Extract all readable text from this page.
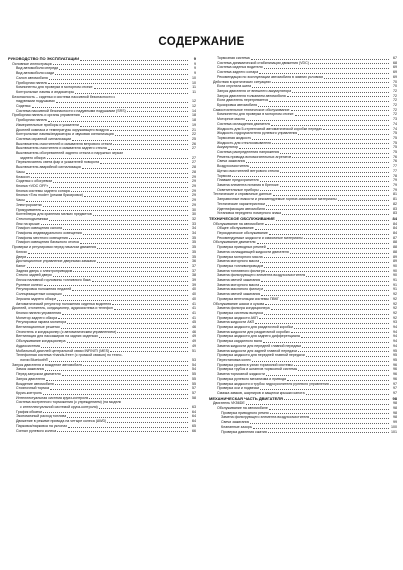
СОДЕРЖАНИЕ
РУКОВОДСТВО ПО ЭКСПЛУАТАЦИИ	9
Основные иллюстрации	9
Вид автомобиля спереди	9
Вид автомобиля сзади	9
Салон автомобиля	10
Приборная панель	10
Компоненты для проверки в моторном отсеке	11
Контрольные лампы и индикаторы	11
Безопасность – сиденья и система пассивной безопасности с
надувными подушками	12
Сиденья	12
Система пассивной безопасности с надувными подушками (SRS)	14
Приборная панель и органы управления	18
Приборная панель	18
Измерительные приборы и указатели	19
Дисплей компаса и температуры окружающего воздуха	21
Контрольные лампы/индикаторы и звуковая сигнализация	22
Система охранной сигнализации	25
Выключатель очистителей и омывателя ветрового стекла	26
Выключатель очистителя и омывателя заднего стекла	27
Выключатель обогревателей заднего стекла и наружных зеркал
заднего обзора	27
Переключатель света фар и указателей поворота	27
Выключатель аварийной сигнализации	28
Часы	28
Клаксон	29
Сиденья с обогревом	29
Кнопка «VDC OFF»	29
Кнопка системы заднего сонара	29
Кнопка «Tow mode» (режим буксировки)	29
Часы	29
Электророзетки	29
Прикуриватель	30
Контейнеры для хранения мелких предметов	30
Стеклоподъемники	32
Люк на крыше	33
Плафон освещения салона	34
Плафоны индивидуального освещения	34
Плафоны местного освещения	35
Плафон освещения багажного отсека	35
Проверки и регулировки перед началом движения	35
Ключи	35
Двери	35
Дистанционное управление дверными замками	36
Капот	37
Задняя дверь с электроприводом	37
Стекло задней двери	38
Лючок наливной горловины топливного бака	39
Рулевое колесо	39
Регулировка положения педалей	40
Солнцезащитные козырьки	40
Зеркала заднего обзора	40
Автоматический регулятор положения сиденья водителя	41
Дисплей, отопитель, кондиционер, аудиосистема и телефон	41
Кнопки панели управления	41
Монитор заднего обзора	41
Регулировки экрана монитора	45
Вентиляционные решетки	46
Отопитель и кондиционер (с автоматическим управлением)	46
Вентиляция для пассажиров на задних сиденьях	49
Обслуживание кондиционера	49
Аудиосистема	49
Мобильный дисплей центральной связи INFINITI (MES)	51
Телефонная система «hands-free» (с громкой связью) по техно-
логии Bluetooth®	53
Запуск двигателя и вождение автомобиля	54
Замок зажигания	54
Перед запуском двигателя	55
Запуск двигателя	55
Вождение автомобиля	55
Стояночный тормоз	57
Круиз-контроль	57
Интеллектуальная система круиз-контроля	58
Система экстренного торможения (с упреждением) (на модели
с интеллектуальной системой круиз-контроля)	63
График обкатки	64
Экономичный расход топлива	64
Движение в режиме привода на четыре колеса (AWD)	64
Парковка/парковка на уклонах	65
Сигнал рулевого колеса	66
Тормозная система	67
Система динамической стабилизации движения (VDC)	68
Система сиденья водителя	69
Система заднего сонара	69
Рекомендации по эксплуатации автомобиля в зимних условиях	69
Действия в критических ситуациях	70
Если спустила шина	70
Запуск двигателя от внешнего аккумулятора	72
Запуск двигателя толканием автомобиля	72
Если двигатель перегревается	72
Буксировка автомобиля	72
Самостоятельное техническое обслуживание	72
Компоненты для проверки в моторном отсеке	72
Моторное масло	73
Система охлаждения двигателя	74
Жидкость для 5-ступенчатой автоматической коробки передач	74
Жидкость гидроусилителя рулевого управления	75
Тормозная жидкость	75
Жидкость для стеклоомывателя	75
Аккумулятор	75
Система распределения напряжения	75
Ремень привода вспомогательных агрегатов	76
Свечи зажигания	76
Воздухоочиститель	77
Щетки очистителей ветрового стекла	77
Тормоза	78
Плавкие предохранители	79
Замена элемента питания в брелоке	79
Осветительные приборы	79
Технические и справочные данные	81
Заправочные емкости и рекомендуемые горюче-смазочные материалы	81
Технические характеристики	82
Идентификация автомобиля	83
Установка переднего номерного знака	83
ТЕХНИЧЕСКОЕ ОБСЛУЖИВАНИЕ	84
Обслуживание на автомобиле	84
Общее обслуживание	84
Периодическое обслуживание	84
Рекомендуемые жидкости и смазочные материалы	87
Обслуживание двигателя	88
Проверка приводных ремней	88
Замена охлаждающей жидкости двигателя	88
Проверка моторного масла	89
Замена моторного масла	89
Проверка топливопроводов	90
Замена топливного фильтра	90
Замена фильтрующего элемента воздухоочистителя	90
Замена свечей зажигания	91
Замена моторного масла	91
Замена масляного фильтра	91
Замена свечей зажигания	92
Проверка вентиляции системы ПВКГ	92
Обслуживание шасси и кузова	92
Замена фильтра кондиционера	92
Проверка системы выпуска	92
Проверка жидкости АКП	92
Замена жидкости АКП	93
Проверка жидкости для раздаточной коробки	94
Замена жидкости для раздаточной коробки	94
Проверка жидкости для заднего дифференциала	94
Проверка карданного вала	94
Замена жидкости для передней главной передачи	94
Замена жидкости для задней главной передачи	95
Проверка жидкости для передней главной передачи	95
Перестановка колес	95
Проверка уровня в узлах тормозной системы	96
Проверка трубок и шлангов тормозной системы	96
Замена тормозной жидкости	96
Проверка рулевого механизма и привода	96
Проверка жидкости и трубок гидроусилителя рулевого управления	97
Проверка оси и подвески	97
Смазка замков, шарниров и защелки крышки капота	97
МЕХАНИЧЕСКАЯ ЧАСТЬ ДВИГАТЕЛЯ	98
Двигатель VK56DE	98
Обслуживание на автомобиле	98
Проверка приводного ремня	98
Замена фильтрующего элемента воздухоочистителя	98
Свечи зажигания	99
Клапанные зазоры	100
Проверка давления сжатия	101
